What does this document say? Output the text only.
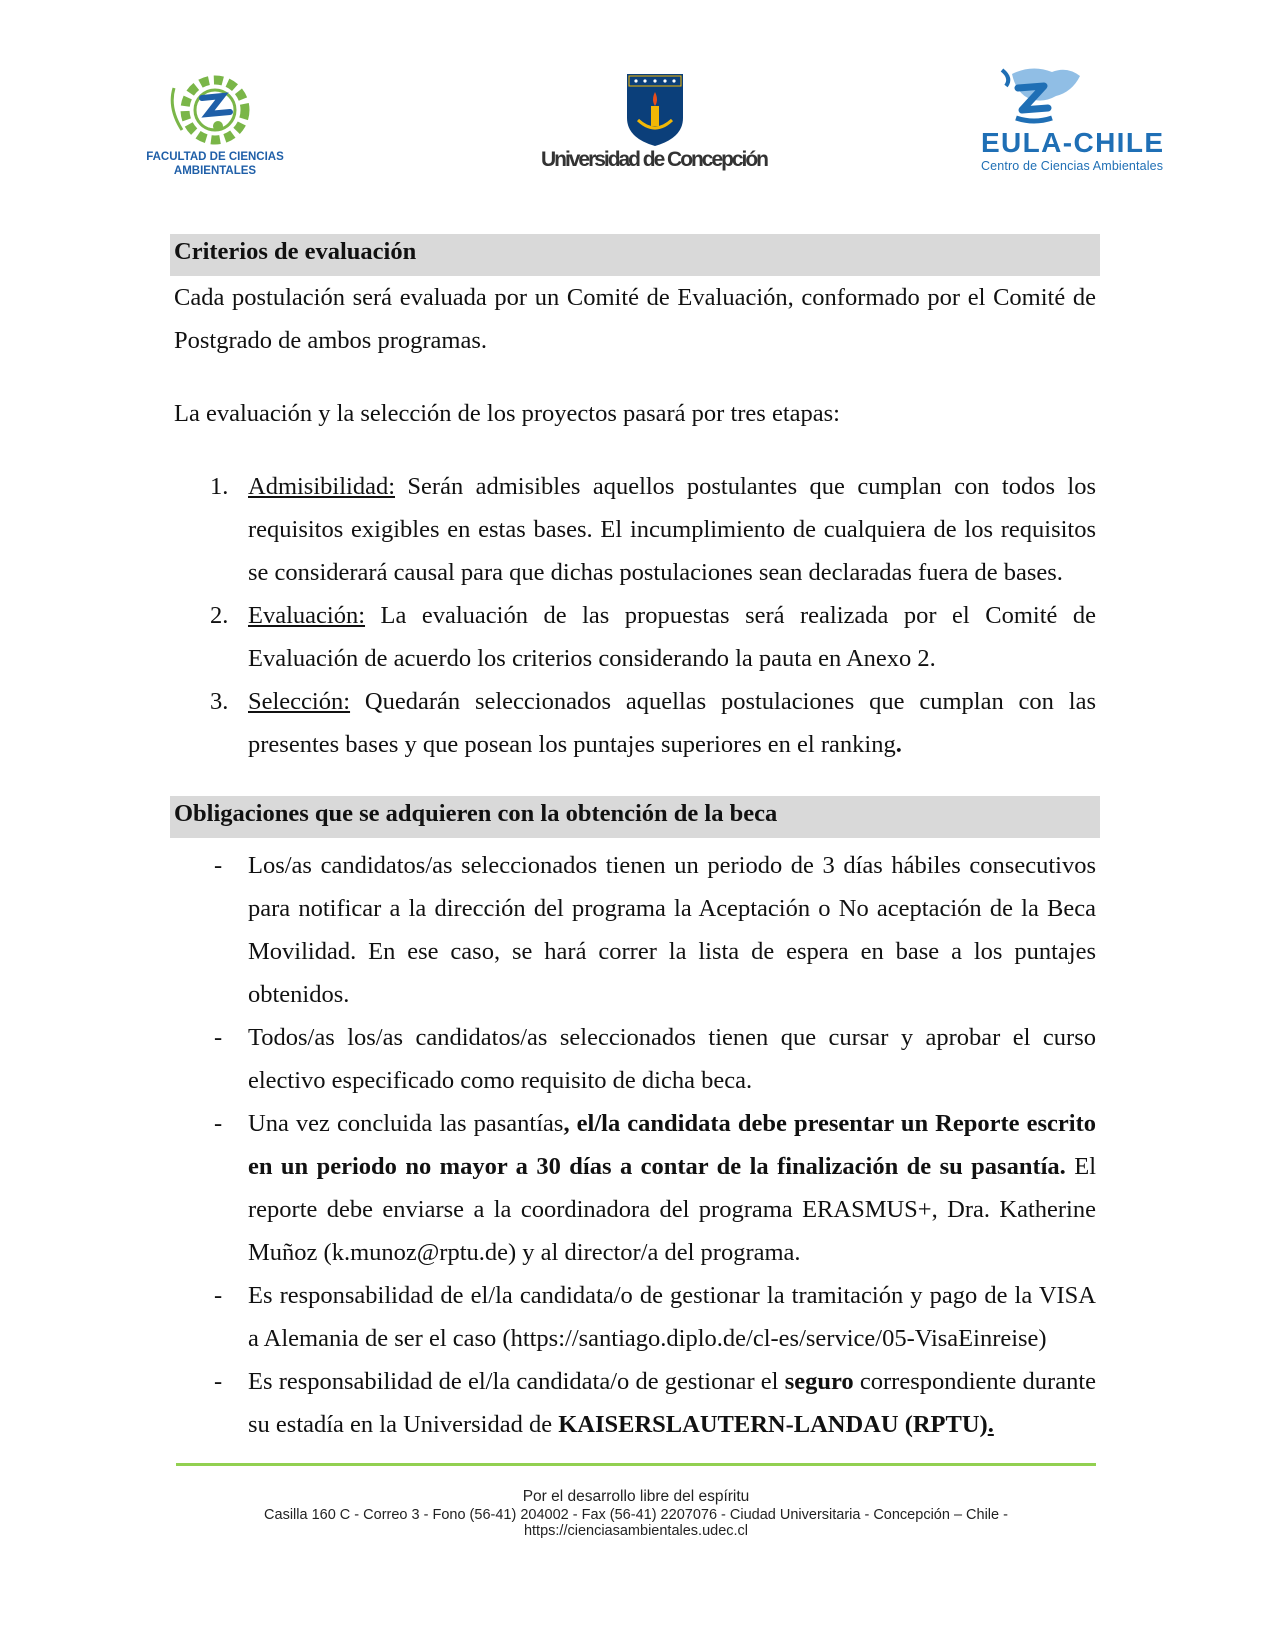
FACULTAD DE CIENCIAS
AMBIENTALES	Universidad de Concepción
EULA-CHILE
Centro de Ciencias Ambientales
Criterios de evaluación

Cada postulación será evaluada por un Comité de Evaluación, conformado por el Comité de Postgrado de ambos programas.

La evaluación y la selección de los proyectos pasará por tres etapas:

1. Admisibilidad: Serán admisibles aquellos postulantes que cumplan con todos los requisitos exigibles en estas bases. El incumplimiento de cualquiera de los requisitos se considerará causal para que dichas postulaciones sean declaradas fuera de bases.
2. Evaluación: La evaluación de las propuestas será realizada por el Comité de Evaluación de acuerdo los criterios considerando la pauta en Anexo 2.
3. Selección: Quedarán seleccionados aquellas postulaciones que cumplan con las presentes bases y que posean los puntajes superiores en el ranking.
Obligaciones que se adquieren con la obtención de la beca
- Los/as candidatos/as seleccionados tienen un periodo de 3 días hábiles consecutivos para notificar a la dirección del programa la Aceptación o No aceptación de la Beca Movilidad. En ese caso, se hará correr la lista de espera en base a los puntajes obtenidos.
- Todos/as los/as candidatos/as seleccionados tienen que cursar y aprobar el curso electivo especificado como requisito de dicha beca.
- Una vez concluida las pasantías, el/la candidata debe presentar un Reporte escrito en un periodo no mayor a 30 días a contar de la finalización de su pasantía. El reporte debe enviarse a la coordinadora del programa ERASMUS+, Dra. Katherine Muñoz (k.munoz@rptu.de) y al director/a del programa.
- Es responsabilidad de el/la candidata/o de gestionar la tramitación y pago de la VISA a Alemania de ser el caso (https://santiago.diplo.de/cl-es/service/05-VisaEinreise)
- Es responsabilidad de el/la candidata/o de gestionar el seguro correspondiente durante su estadía en la Universidad de KAISERSLAUTERN-LANDAU (RPTU).
Por el desarrollo libre del espíritu
Casilla 160 C - Correo 3 - Fono (56-41) 204002 - Fax (56-41) 2207076 - Ciudad Universitaria - Concepción – Chile -
https://cienciasambientales.udec.cl
